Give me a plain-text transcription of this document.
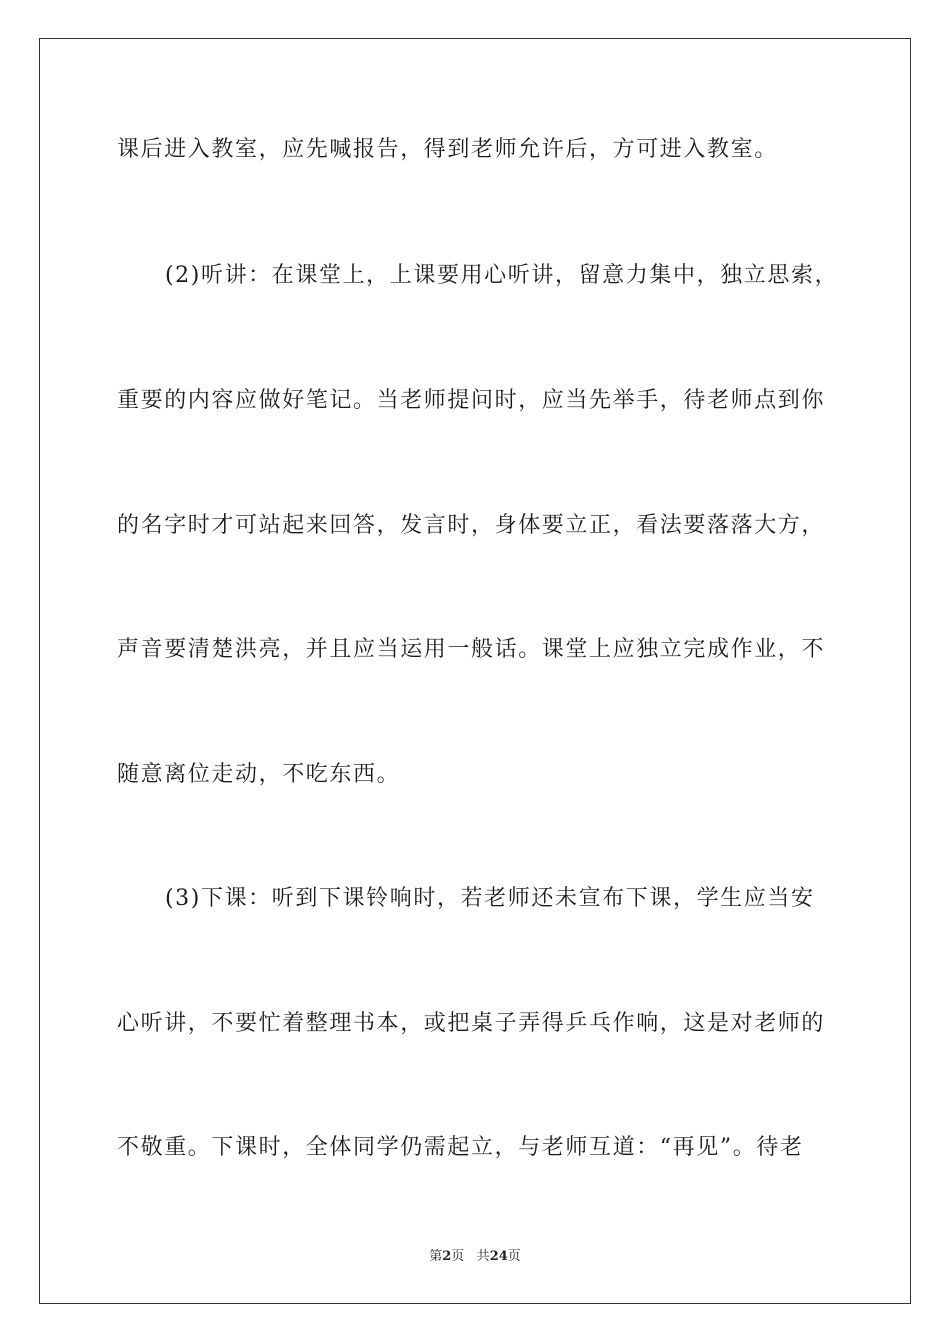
课后进入教室，应先喊报告，得到老师允许后，方可进入教室。
(2)听讲：在课堂上，上课要用心听讲，留意力集中，独立思索，
重要的内容应做好笔记。当老师提问时，应当先举手，待老师点到你
的名字时才可站起来回答，发言时，身体要立正，看法要落落大方，
声音要清楚洪亮，并且应当运用一般话。课堂上应独立完成作业，不
随意离位走动，不吃东西。
(3)下课：听到下课铃响时，若老师还未宣布下课，学生应当安
心听讲，不要忙着整理书本，或把桌子弄得乒乓作响，这是对老师的
不敬重。下课时，全体同学仍需起立，与老师互道：“再见”。待老
第2页 共24页
